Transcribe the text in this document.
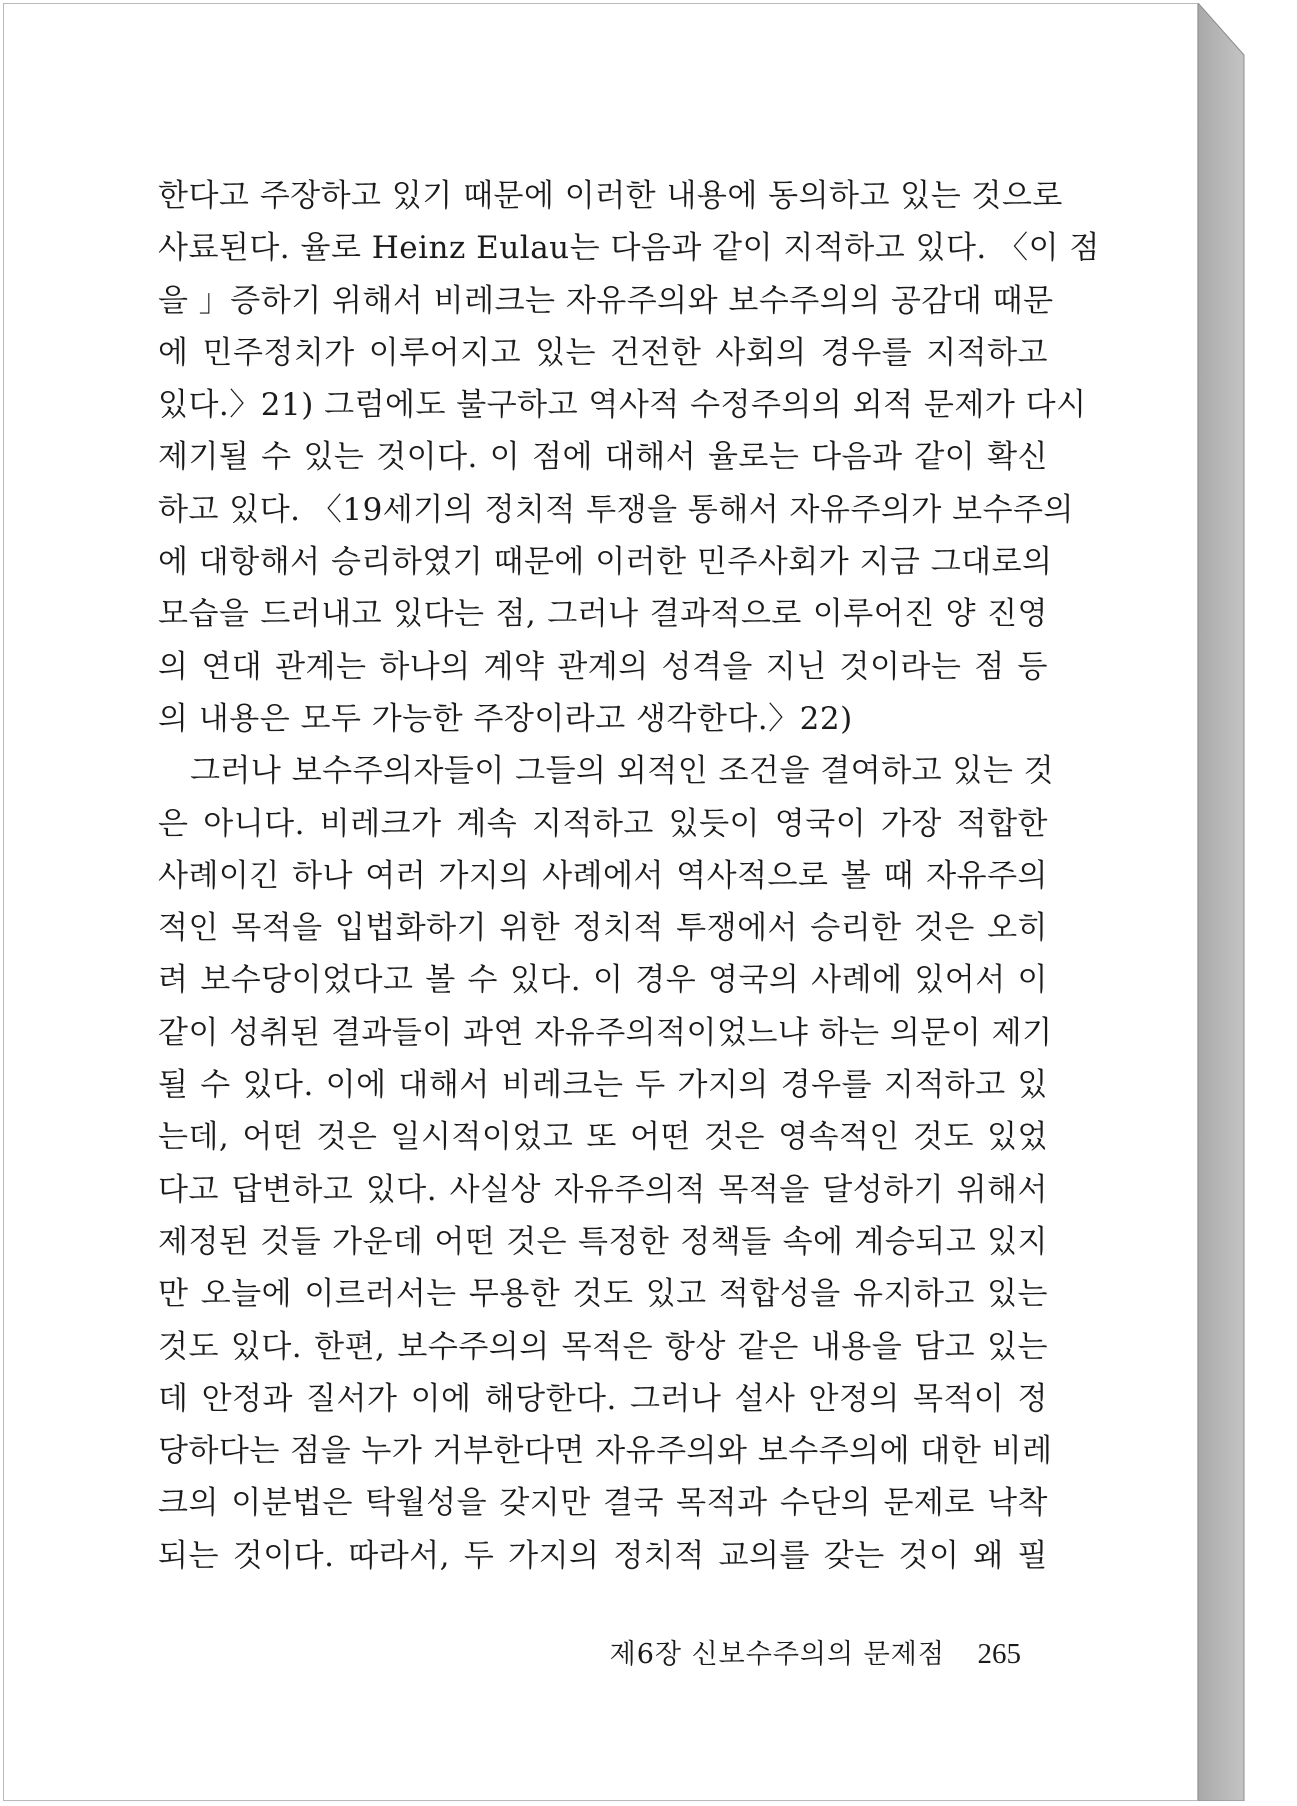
한다고 주장하고 있기 때문에 이러한 내용에 동의하고 있는 것으로
사료된다. 율로 Heinz Eulau는 다음과 같이 지적하고 있다. 〈이 점
을 」증하기 위해서 비레크는 자유주의와 보수주의의 공감대 때문
에 민주정치가 이루어지고 있는 건전한 사회의 경우를 지적하고
있다.〉21) 그럼에도 불구하고 역사적 수정주의의 외적 문제가 다시
제기될 수 있는 것이다. 이 점에 대해서 율로는 다음과 같이 확신
하고 있다. 〈19세기의 정치적 투쟁을 통해서 자유주의가 보수주의
에 대항해서 승리하였기 때문에 이러한 민주사회가 지금 그대로의
모습을 드러내고 있다는 점, 그러나 결과적으로 이루어진 양 진영
의 연대 관계는 하나의 계약 관계의 성격을 지닌 것이라는 점 등
의 내용은 모두 가능한 주장이라고 생각한다.〉22)
그러나 보수주의자들이 그들의 외적인 조건을 결여하고 있는 것
은 아니다. 비레크가 계속 지적하고 있듯이 영국이 가장 적합한
사례이긴 하나 여러 가지의 사례에서 역사적으로 볼 때 자유주의
적인 목적을 입법화하기 위한 정치적 투쟁에서 승리한 것은 오히
려 보수당이었다고 볼 수 있다. 이 경우 영국의 사례에 있어서 이
같이 성취된 결과들이 과연 자유주의적이었느냐 하는 의문이 제기
될 수 있다. 이에 대해서 비레크는 두 가지의 경우를 지적하고 있
는데, 어떤 것은 일시적이었고 또 어떤 것은 영속적인 것도 있었
다고 답변하고 있다. 사실상 자유주의적 목적을 달성하기 위해서
제정된 것들 가운데 어떤 것은 특정한 정책들 속에 계승되고 있지
만 오늘에 이르러서는 무용한 것도 있고 적합성을 유지하고 있는
것도 있다. 한편, 보수주의의 목적은 항상 같은 내용을 담고 있는
데 안정과 질서가 이에 해당한다. 그러나 설사 안정의 목적이 정
당하다는 점을 누가 거부한다면 자유주의와 보수주의에 대한 비레
크의 이분법은 탁월성을 갖지만 결국 목적과 수단의 문제로 낙착
되는 것이다. 따라서, 두 가지의 정치적 교의를 갖는 것이 왜 필
제6장 신보수주의의 문제점 265
